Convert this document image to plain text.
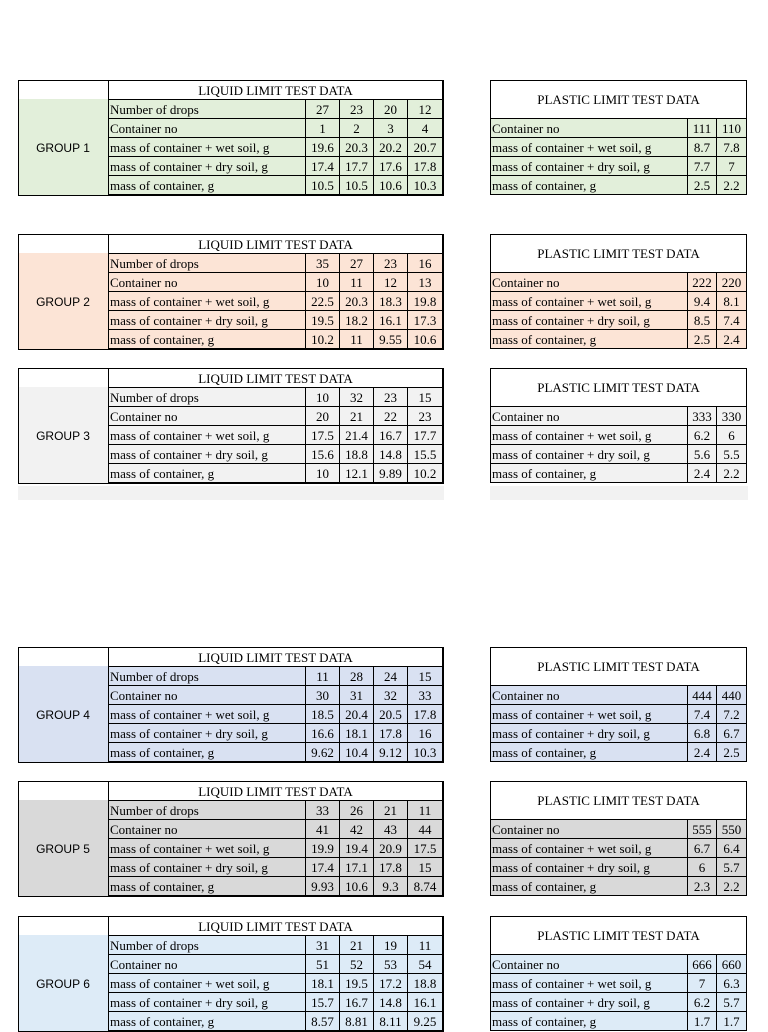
GROUP 1
LIQUID LIMIT TEST DATA				
Number of drops	27	23	20	12
Container no	1	2	3	4
mass of container + wet soil, g	19.6	20.3	20.2	20.7
mass of container + dry soil, g	17.4	17.7	17.6	17.8
mass of container, g	10.5	10.5	10.6	10.3
PLASTIC LIMIT TEST DATA		
Container no	111	110
mass of container + wet soil, g	8.7	7.8
mass of container + dry soil, g	7.7	7
mass of container, g	2.5	2.2
GROUP 2
LIQUID LIMIT TEST DATA				
Number of drops	35	27	23	16
Container no	10	11	12	13
mass of container + wet soil, g	22.5	20.3	18.3	19.8
mass of container + dry soil, g	19.5	18.2	16.1	17.3
mass of container, g	10.2	11	9.55	10.6
PLASTIC LIMIT TEST DATA		
Container no	222	220
mass of container + wet soil, g	9.4	8.1
mass of container + dry soil, g	8.5	7.4
mass of container, g	2.5	2.4
GROUP 3
LIQUID LIMIT TEST DATA				
Number of drops	10	32	23	15
Container no	20	21	22	23
mass of container + wet soil, g	17.5	21.4	16.7	17.7
mass of container + dry soil, g	15.6	18.8	14.8	15.5
mass of container, g	10	12.1	9.89	10.2
PLASTIC LIMIT TEST DATA		
Container no	333	330
mass of container + wet soil, g	6.2	6
mass of container + dry soil, g	5.6	5.5
mass of container, g	2.4	2.2
GROUP 4
LIQUID LIMIT TEST DATA				
Number of drops	11	28	24	15
Container no	30	31	32	33
mass of container + wet soil, g	18.5	20.4	20.5	17.8
mass of container + dry soil, g	16.6	18.1	17.8	16
mass of container, g	9.62	10.4	9.12	10.3
PLASTIC LIMIT TEST DATA		
Container no	444	440
mass of container + wet soil, g	7.4	7.2
mass of container + dry soil, g	6.8	6.7
mass of container, g	2.4	2.5
GROUP 5
LIQUID LIMIT TEST DATA				
Number of drops	33	26	21	11
Container no	41	42	43	44
mass of container + wet soil, g	19.9	19.4	20.9	17.5
mass of container + dry soil, g	17.4	17.1	17.8	15
mass of container, g	9.93	10.6	9.3	8.74
PLASTIC LIMIT TEST DATA		
Container no	555	550
mass of container + wet soil, g	6.7	6.4
mass of container + dry soil, g	6	5.7
mass of container, g	2.3	2.2
GROUP 6
LIQUID LIMIT TEST DATA				
Number of drops	31	21	19	11
Container no	51	52	53	54
mass of container + wet soil, g	18.1	19.5	17.2	18.8
mass of container + dry soil, g	15.7	16.7	14.8	16.1
mass of container, g	8.57	8.81	8.11	9.25
PLASTIC LIMIT TEST DATA		
Container no	666	660
mass of container + wet soil, g	7	6.3
mass of container + dry soil, g	6.2	5.7
mass of container, g	1.7	1.7
